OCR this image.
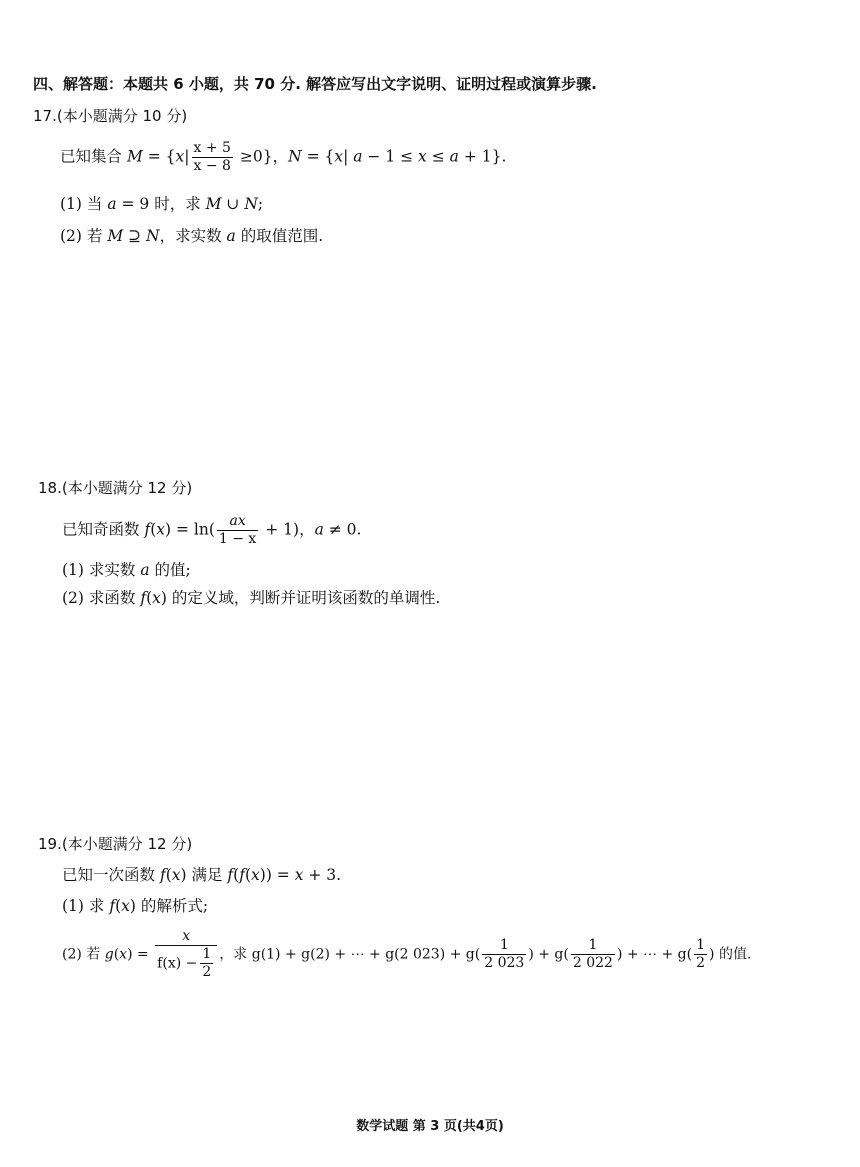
四、解答题：本题共 6 小题，共 70 分. 解答应写出文字说明、证明过程或演算步骤.
17.(本小题满分 10 分)
已知集合 $M = \{x| \frac{x + 5}{x - 8} \ge 0\}$，N = {x| a − 1 ≤ x ≤ a + 1}.
(1) 当 a = 9 时，求 M ∪ N;
(2) 若 M ⊇ N，求实数 a 的取值范围.
18.(本小题满分 12 分)
已知奇函数 $f(x) = \ln( \frac{ax}{1 - x} + 1)$，a ≠ 0.
(1) 求实数 a 的值;
(2) 求函数 f(x) 的定义域，判断并证明该函数的单调性.
19.(本小题满分 12 分)
已知一次函数 f(x) 满足 f(f(x)) = x + 3.
(1) 求 f(x) 的解析式;
(2) 若 $g(x) = \frac{x}{f(x) - \frac{1}{2}}$ ，求 g(1) + g(2) + ⋯ + g(2 $023) + g( \frac{1}{2 023}$ ) + $g( \frac{1}{2 022}$ ) + ⋯ + $g( \frac{1}{2}$ ) 的值.
数学试题 第 3 页(共4页)
